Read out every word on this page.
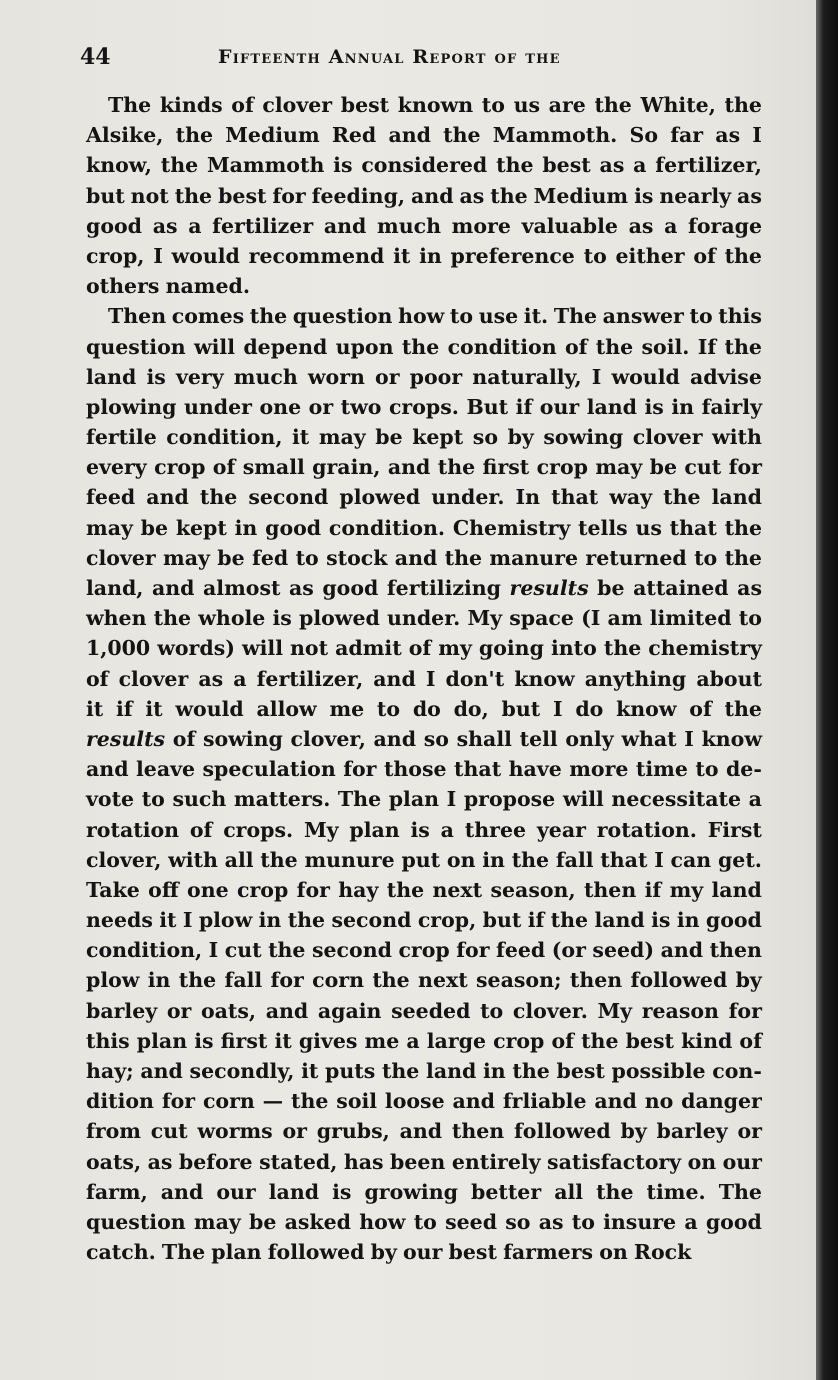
44	Fifteenth Annual Report of the
The kinds of clover best known to us are the White, the
Alsike, the Medium Red and the Mammoth. So far as I
know, the Mammoth is considered the best as a fertilizer,
but not the best for feeding, and as the Medium is nearly as
good as a fertilizer and much more valuable as a forage
crop, I would recommend it in preference to either of the
others named.
Then comes the question how to use it. The answer to this
question will depend upon the condition of the soil. If the
land is very much worn or poor naturally, I would advise
plowing under one or two crops. But if our land is in fairly
fertile condition, it may be kept so by sowing clover with
every crop of small grain, and the first crop may be cut for
feed and the second plowed under. In that way the land
may be kept in good condition. Chemistry tells us that the
clover may be fed to stock and the manure returned to the
land, and almost as good fertilizing results be attained as
when the whole is plowed under. My space (I am limited to
1,000 words) will not admit of my going into the chemistry
of clover as a fertilizer, and I don't know anything about
it if it would allow me to do do, but I do know of the
results of sowing clover, and so shall tell only what I know
and leave speculation for those that have more time to de-
vote to such matters. The plan I propose will necessitate a
rotation of crops. My plan is a three year rotation. First
clover, with all the munure put on in the fall that I can get.
Take off one crop for hay the next season, then if my land
needs it I plow in the second crop, but if the land is in good
condition, I cut the second crop for feed (or seed) and then
plow in the fall for corn the next season; then followed by
barley or oats, and again seeded to clover. My reason for
this plan is first it gives me a large crop of the best kind of
hay; and secondly, it puts the land in the best possible con-
dition for corn — the soil loose and frliable and no danger
from cut worms or grubs, and then followed by barley or
oats, as before stated, has been entirely satisfactory on our
farm, and our land is growing better all the time. The
question may be asked how to seed so as to insure a good
catch. The plan followed by our best farmers on Rock
